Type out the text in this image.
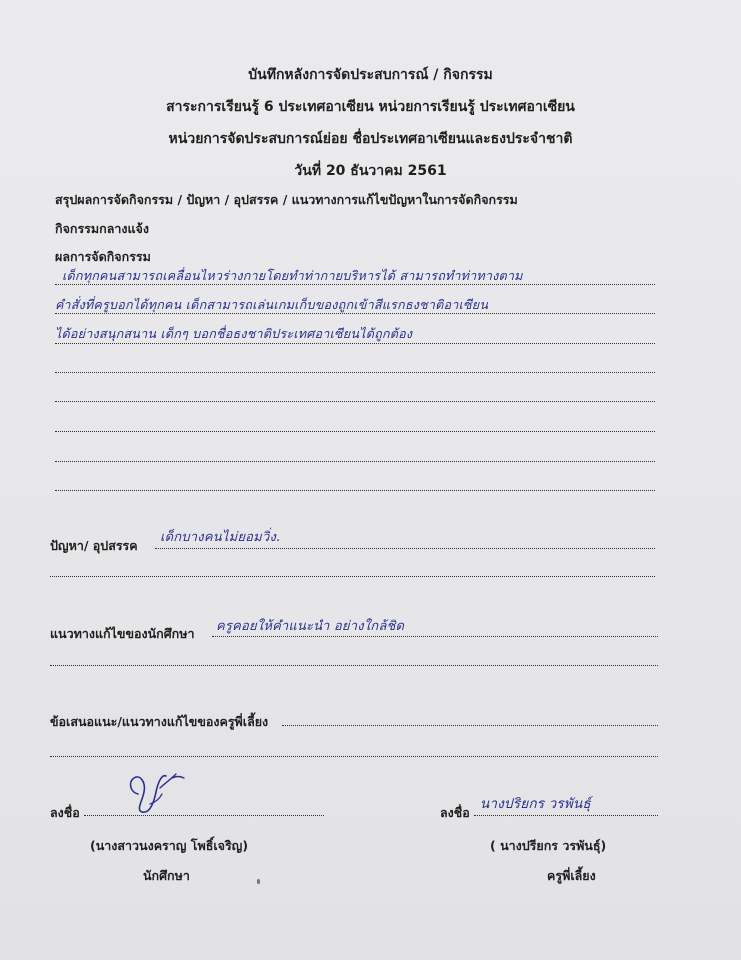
บันทึกหลังการจัดประสบการณ์ / กิจกรรม
สาระการเรียนรู้ 6 ประเทศอาเซียน หน่วยการเรียนรู้ ประเทศอาเซียน
หน่วยการจัดประสบการณ์ย่อย ชื่อประเทศอาเซียนและธงประจำชาติ
วันที่ 20 ธันวาคม 2561
สรุปผลการจัดกิจกรรม / ปัญหา / อุปสรรค / แนวทางการแก้ไขปัญหาในการจัดกิจกรรม
กิจกรรมกลางแจ้ง
ผลการจัดกิจกรรม
เด็กทุกคนสามารถเคลื่อนไหวร่างกายโดยทำท่ากายบริหารได้ สามารถทำท่าทางตาม
คำสั่งที่ครูบอกได้ทุกคน เด็กสามารถเล่นเกมเก็บของถูกเข้าสีแรกธงชาติอาเซียน
ได้อย่างสนุกสนาน เด็กๆ บอกชื่อธงชาติประเทศอาเซียนได้ถูกต้อง
ปัญหา/ อุปสรรค
เด็กบางคนไม่ยอมวิ่ง.
แนวทางแก้ไขของนักศึกษา ครูคอยให้คำแนะนำ อย่างใกล้ชิด
ข้อเสนอแนะ/แนวทางแก้ไขของครูพี่เลี้ยง
ลงชื่อ
(นางสาวนงคราญ โพธิ์เจริญ)
นักศึกษา
ลงชื่อ
นางปริยกร วรพันธุ์
( นางปรียกร วรพันธุ์)
ครูพี่เลี้ยง
